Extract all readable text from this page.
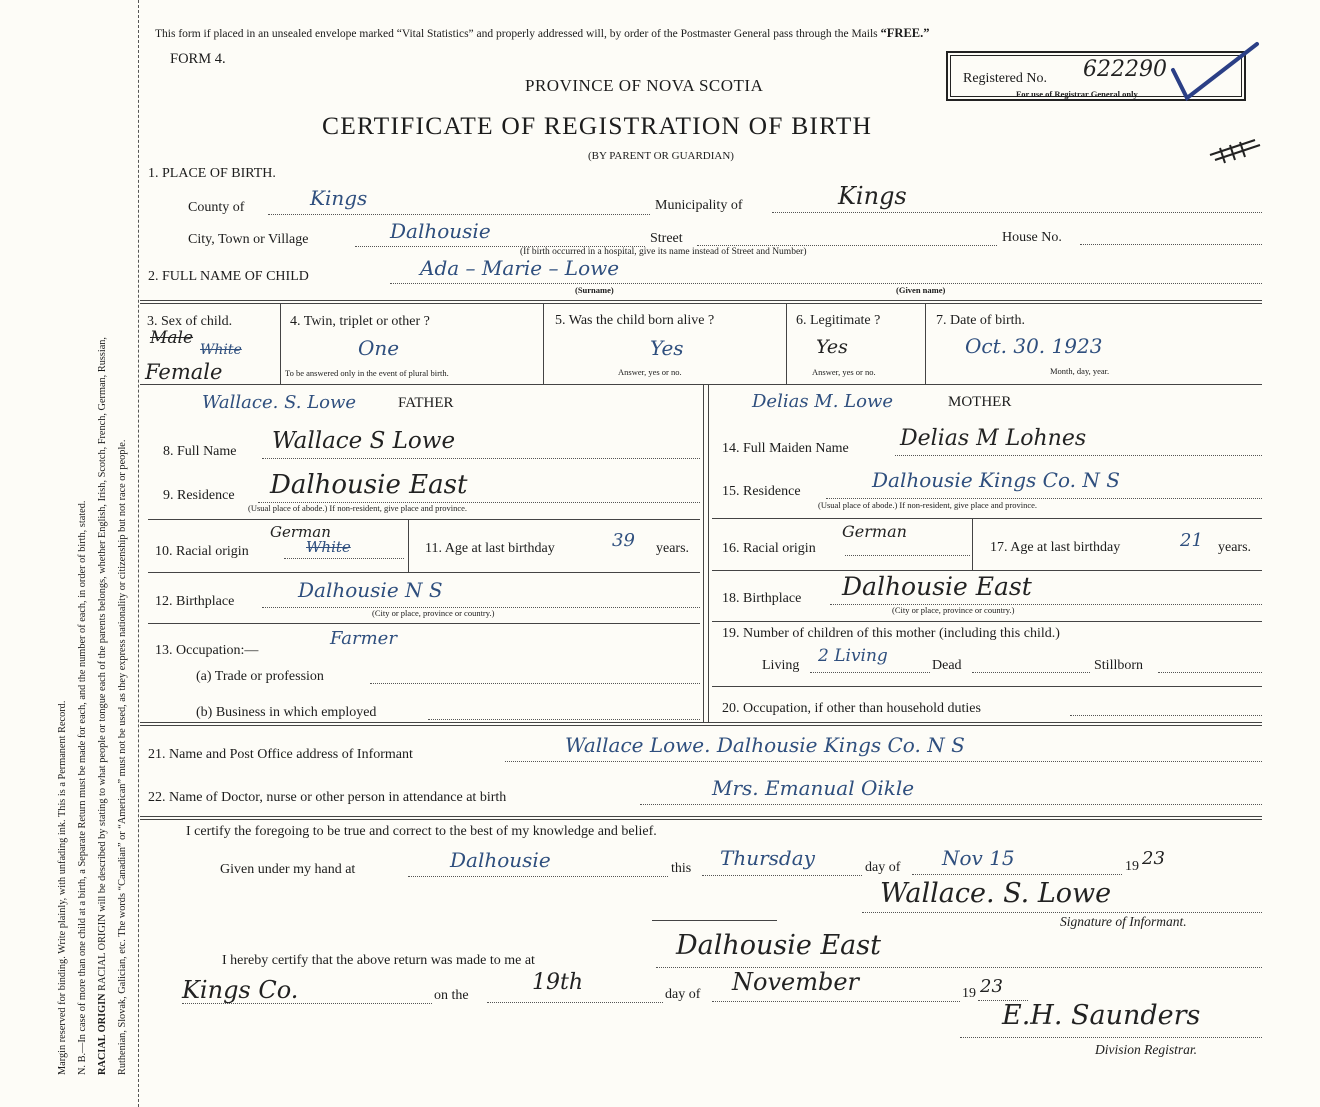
Margin reserved for binding. Write plainly, with unfading ink. This is a Permanent Record. N. B.—In case of more than one child at a birth, a Separate Return must be made for each, and the number of each, in order of birth, stated. RACIAL ORIGIN RACIAL ORIGIN will be described by stating to what people or tongue each of the parents belongs, whether English, Irish, Scotch, French, German, Russian, Ruthenian, Slovak, Galician, etc. The words “Canadian” or “American” must not be used, as they express nationality or citizenship but not race or people.
This form if placed in an unsealed envelope marked “Vital Statistics” and properly addressed will, by order of the Postmaster General pass through the Mails “FREE.”
FORM 4.
PROVINCE OF NOVA SCOTIA
CERTIFICATE OF REGISTRATION OF BIRTH
(BY PARENT OR GUARDIAN)
Registered No. 622290
For use of Registrar General only
1. PLACE OF BIRTH.
County of	Kings	Municipality of	Kings
City, Town or Village	Dalhousie	Street	House No.
(If birth occurred in a hospital, give its name instead of Street and Number)
2. FULL NAME OF CHILD	Ada – Marie – Lowe
(Surname)	(Given name)
3. Sex of child.
Male
White
Female
4. Twin, triplet or other ?
One
To be answered only in the event of plural birth.
5. Was the child born alive ?
Yes
Answer, yes or no.
6. Legitimate ?
Yes
Answer, yes or no.
7. Date of birth.
Oct. 30. 1923
Month, day, year.
Wallace. S. Lowe	FATHER
8. Full Name Wallace S Lowe
9. Residence Dalhousie East
(Usual place of abode.) If non-resident, give place and province.
10. Racial origin
German
White	11. Age at last birthday	39 years.
12. Birthplace	Dalhousie N S
(City or place, province or country.)
13. Occupation:—
Farmer
(a) Trade or profession
(b) Business in which employed
Delias M. Lowe	MOTHER
14. Full Maiden Name Delias M Lohnes
15. Residence	Dalhousie Kings Co. N S
(Usual place of abode.) If non-resident, give place and province.
16. Racial origin
German
17. Age at last birthday	21 years.
18. Birthplace Dalhousie East
(City or place, province or country.)
19. Number of children of this mother (including this child.)
Living 2 Living	Dead	Stillborn
20. Occupation, if other than household duties
21. Name and Post Office address of Informant	Wallace Lowe. Dalhousie Kings Co. N S
22. Name of Doctor, nurse or other person in attendance at birth	Mrs. Emanual Oikle
I certify the foregoing to be true and correct to the best of my knowledge and belief.
Given under my hand at	Dalhousie	this Thursday	day of Nov 15	19 23
Wallace. S. Lowe
Signature of Informant.
I hereby certify that the above return was made to me at	Dalhousie East
Kings Co.	on the
19th	day of November	19 23
E.H. Saunders
Division Registrar.
